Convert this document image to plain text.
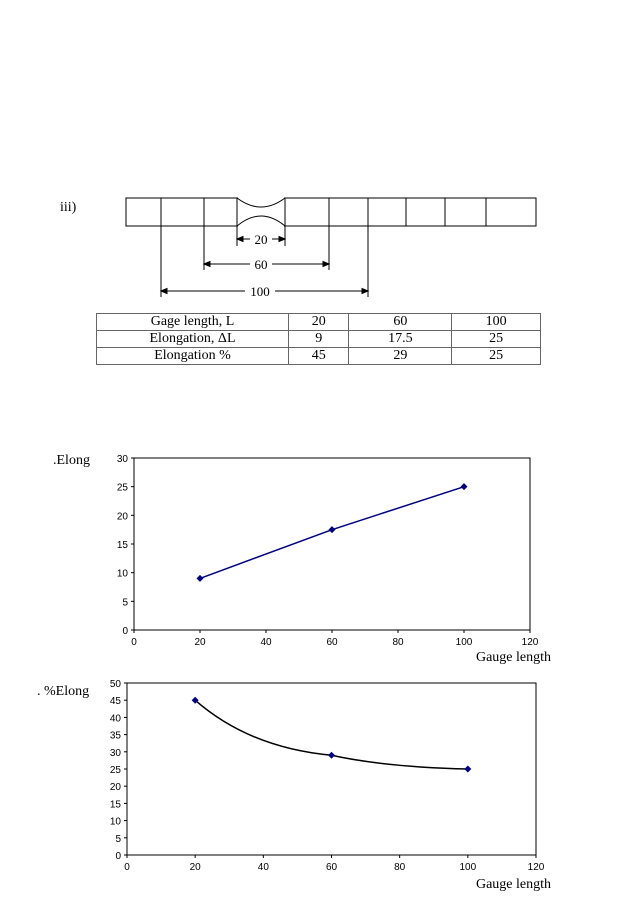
iii)
20
60
100
Gage length, L	20	60	100
Elongation, ΔL	9	17.5	25
Elongation %	45	29	25
.Elong
Gauge length
0	20	40	60	80	100	120
0
5
10
15
20
25
30
. %Elong
Gauge length
0	20	40	60	80	100	120
0
5
10
15
20
25
30
35
40
45
50
